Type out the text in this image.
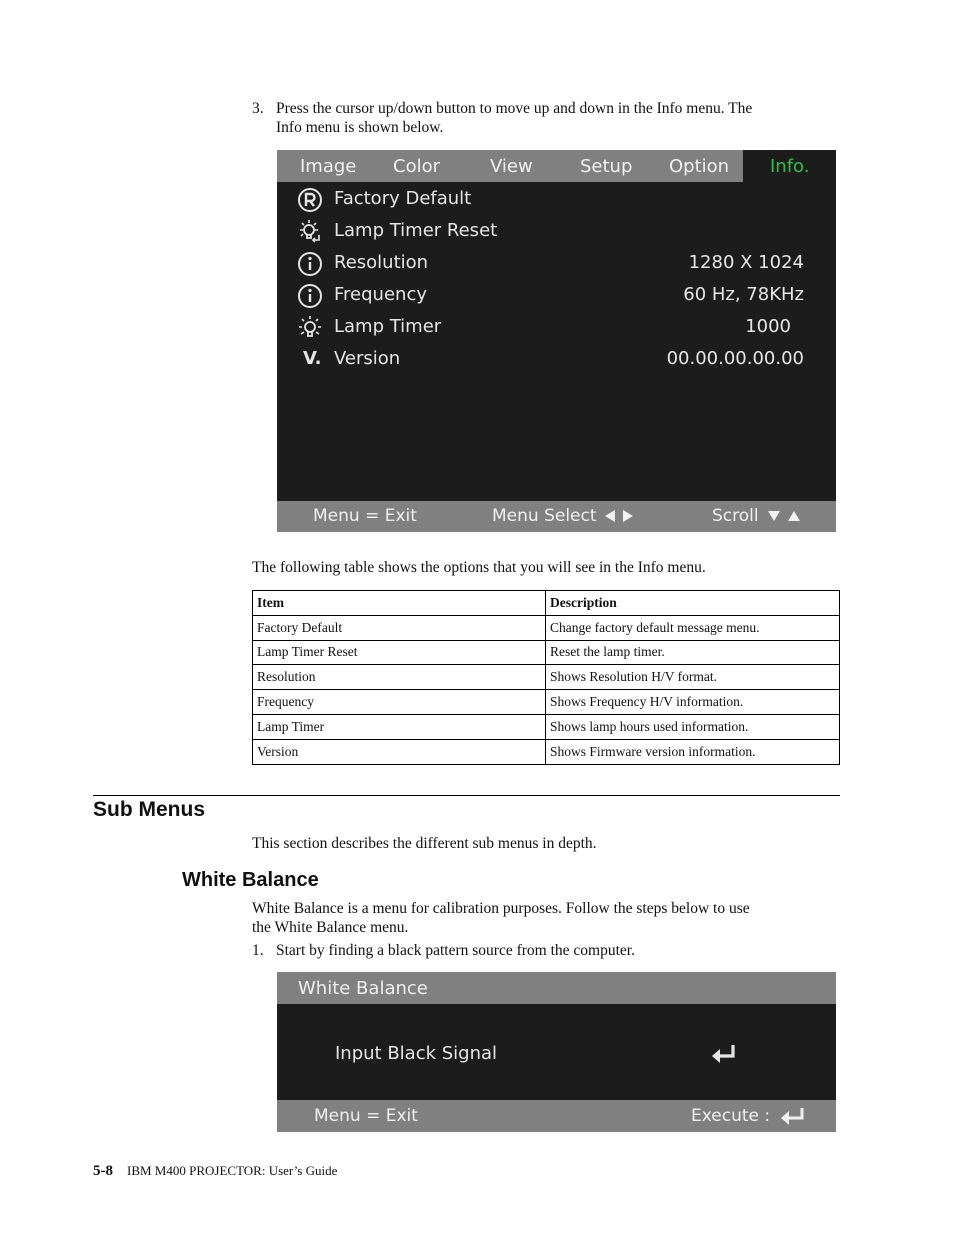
3. Press the cursor up/down button to move up and down in the Info menu. The
Info menu is shown below.
Image	Color	View	Setup	Option	Info.
Factory Default
Lamp Timer Reset
Resolution	1280 X 1024
Frequency	60 Hz, 78KHz
Lamp Timer	1000
V. Version	00.00.00.00.00
Menu = Exit	Menu Select	Scroll
The following table shows the options that you will see in the Info menu.
Item	Description
Factory Default	Change factory default message menu.
Lamp Timer Reset	Reset the lamp timer.
Resolution	Shows Resolution H/V format.
Frequency	Shows Frequency H/V information.
Lamp Timer	Shows lamp hours used information.
Version	Shows Firmware version information.
Sub Menus
This section describes the different sub menus in depth.
White Balance
White Balance is a menu for calibration purposes. Follow the steps below to use
the White Balance menu.
1. Start by finding a black pattern source from the computer.
White Balance
Input Black Signal
Menu = Exit	Execute :
5-8 IBM M400 PROJECTOR: User’s Guide
